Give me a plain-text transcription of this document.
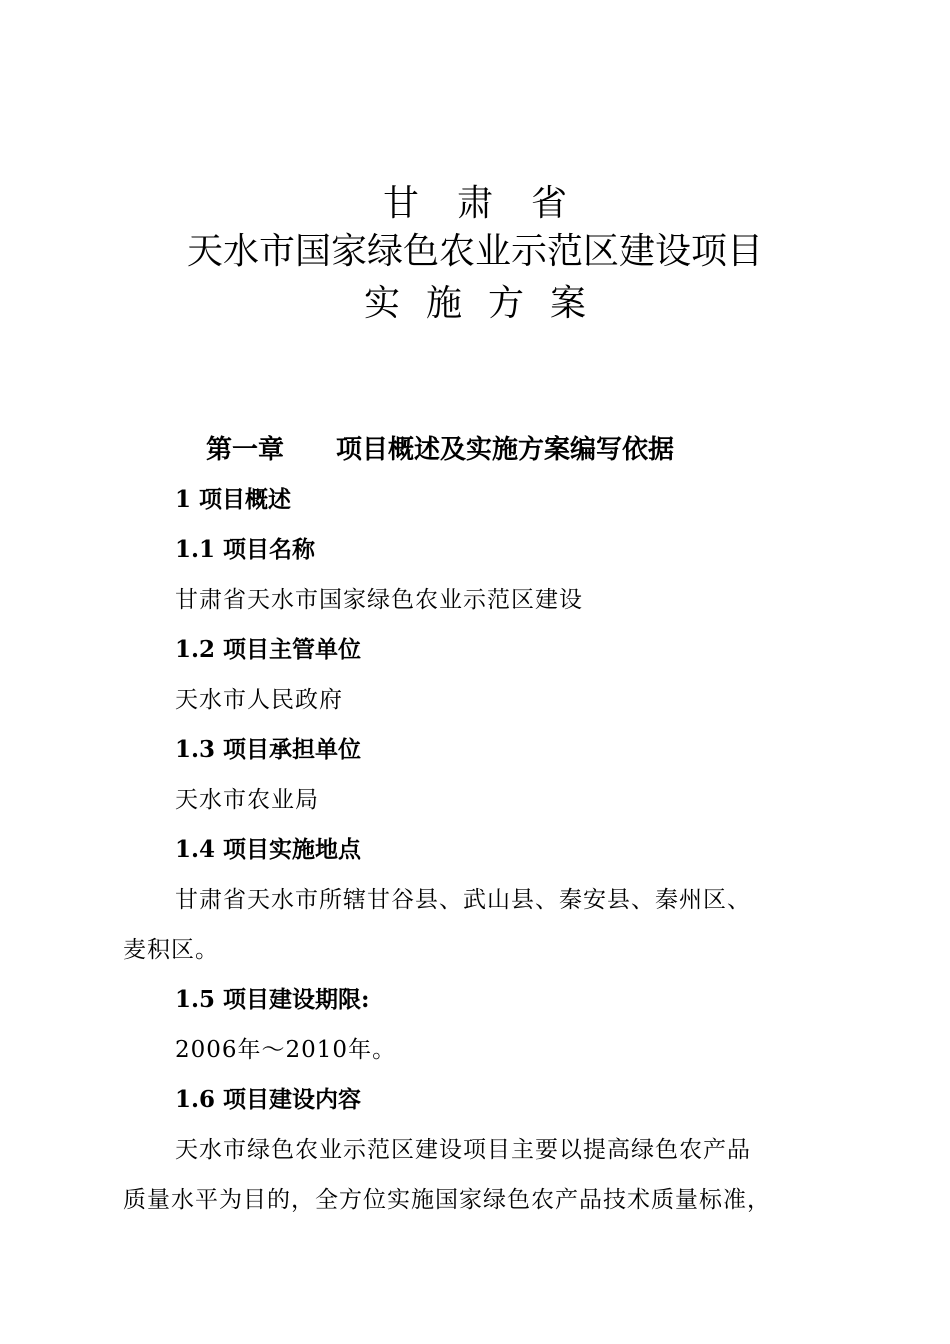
甘肃省
天水市国家绿色农业示范区建设项目
实施方案
第一章 项目概述及实施方案编写依据
1 项目概述
1.1 项目名称
甘肃省天水市国家绿色农业示范区建设
1.2 项目主管单位
天水市人民政府
1.3 项目承担单位
天水市农业局
1.4 项目实施地点
甘肃省天水市所辖甘谷县、武山县、秦安县、秦州区、
麦积区。
1.5 项目建设期限:
2006年～2010年。
1.6 项目建设内容
天水市绿色农业示范区建设项目主要以提高绿色农产品
质量水平为目的，全方位实施国家绿色农产品技术质量标准，
